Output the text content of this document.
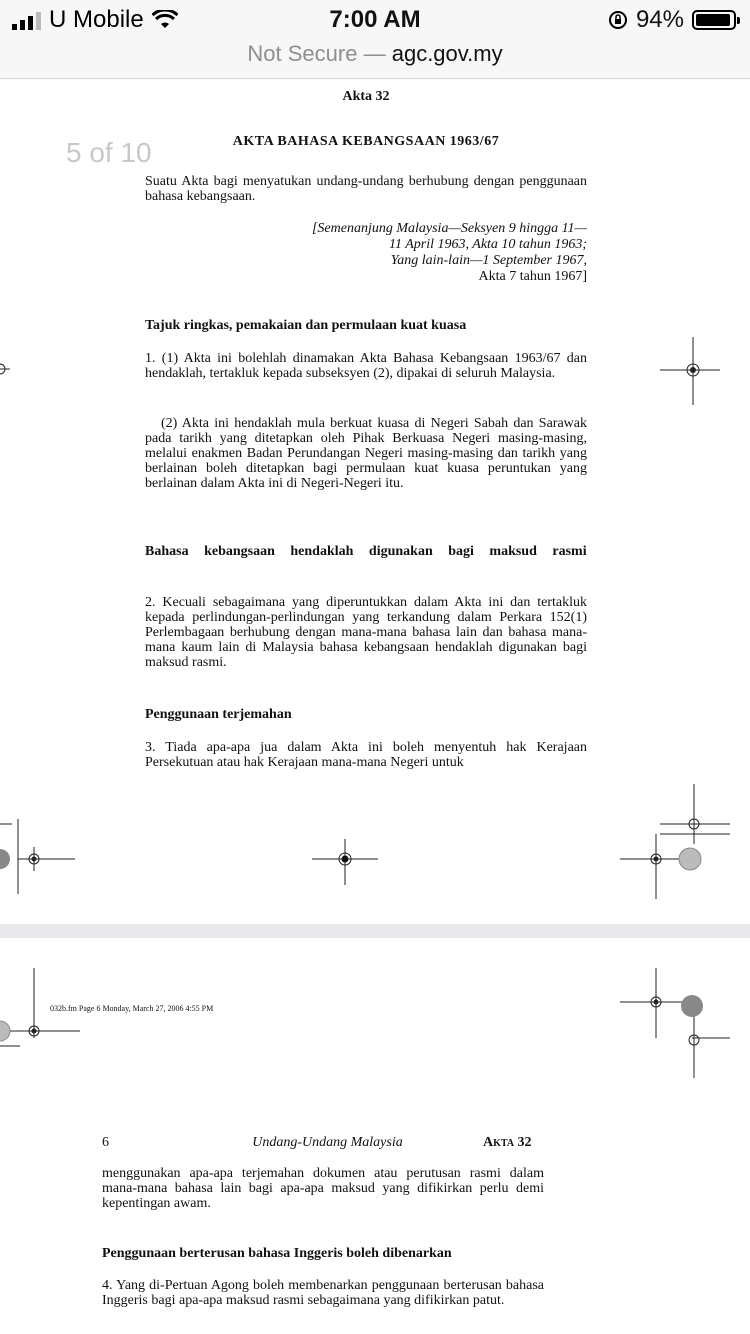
U Mobile	7:00 AM	94%
Not Secure — agc.gov.my
5 of 10
Akta 32
AKTA BAHASA KEBANGSAAN 1963/67
Suatu Akta bagi menyatukan undang-undang berhubung dengan penggunaan bahasa kebangsaan.
[Semenanjung Malaysia—Seksyen 9 hingga 11—
11 April 1963, Akta 10 tahun 1963;
Yang lain-lain—1 September 1967,
Akta 7 tahun 1967]
Tajuk ringkas, pemakaian dan permulaan kuat kuasa
1. (1) Akta ini bolehlah dinamakan Akta Bahasa Kebangsaan 1963/67 dan hendaklah, tertakluk kepada subseksyen (2), dipakai di seluruh Malaysia.
(2) Akta ini hendaklah mula berkuat kuasa di Negeri Sabah dan Sarawak pada tarikh yang ditetapkan oleh Pihak Berkuasa Negeri masing-masing, melalui enakmen Badan Perundangan Negeri masing-masing dan tarikh yang berlainan boleh ditetapkan bagi permulaan kuat kuasa peruntukan yang berlainan dalam Akta ini di Negeri-Negeri itu.
Bahasa kebangsaan hendaklah digunakan bagi maksud rasmi
2. Kecuali sebagaimana yang diperuntukkan dalam Akta ini dan tertakluk kepada perlindungan-perlindungan yang terkandung dalam Perkara 152(1) Perlembagaan berhubung dengan mana-mana bahasa lain dan bahasa mana-mana kaum lain di Malaysia bahasa kebangsaan hendaklah digunakan bagi maksud rasmi.
Penggunaan terjemahan
3. Tiada apa-apa jua dalam Akta ini boleh menyentuh hak Kerajaan Persekutuan atau hak Kerajaan mana-mana Negeri untuk
032b.fm Page 6 Monday, March 27, 2006 4:55 PM
6	Undang-Undang Malaysia	Akta 32
menggunakan apa-apa terjemahan dokumen atau perutusan rasmi dalam mana-mana bahasa lain bagi apa-apa maksud yang difikirkan perlu demi kepentingan awam.
Penggunaan berterusan bahasa Inggeris boleh dibenarkan
4. Yang di-Pertuan Agong boleh membenarkan penggunaan berterusan bahasa Inggeris bagi apa-apa maksud rasmi sebagaimana yang difikirkan patut.
